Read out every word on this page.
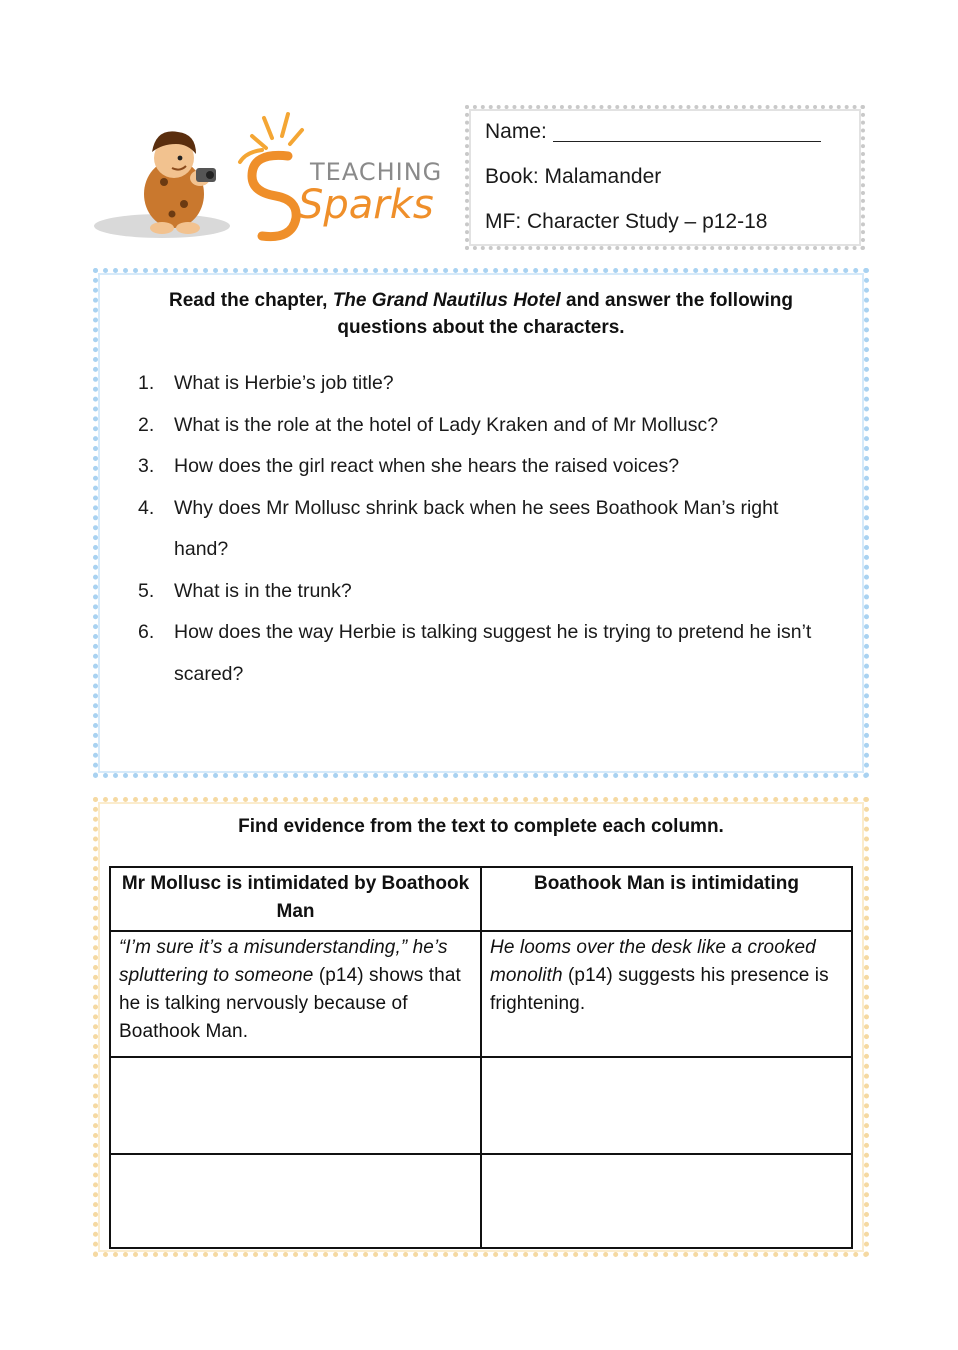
TEACHING
Sparks
Name:
Book: Malamander
MF: Character Study – p12-18
Read the chapter, The Grand Nautilus Hotel and answer the following questions about the characters.
1. What is Herbie’s job title?
2. What is the role at the hotel of Lady Kraken and of Mr Mollusc?
3. How does the girl react when she hears the raised voices?
4. Why does Mr Mollusc shrink back when he sees Boathook Man’s right hand?
5. What is in the trunk?
6. How does the way Herbie is talking suggest he is trying to pretend he isn’t scared?
Find evidence from the text to complete each column.
Mr Mollusc is intimidated by Boathook Man	Boathook Man is intimidating
“I’m sure it’s a misunderstanding,” he’s spluttering to someone (p14) shows that he is talking nervously because of Boathook Man.	He looms over the desk like a crooked monolith (p14) suggests his presence is frightening.
